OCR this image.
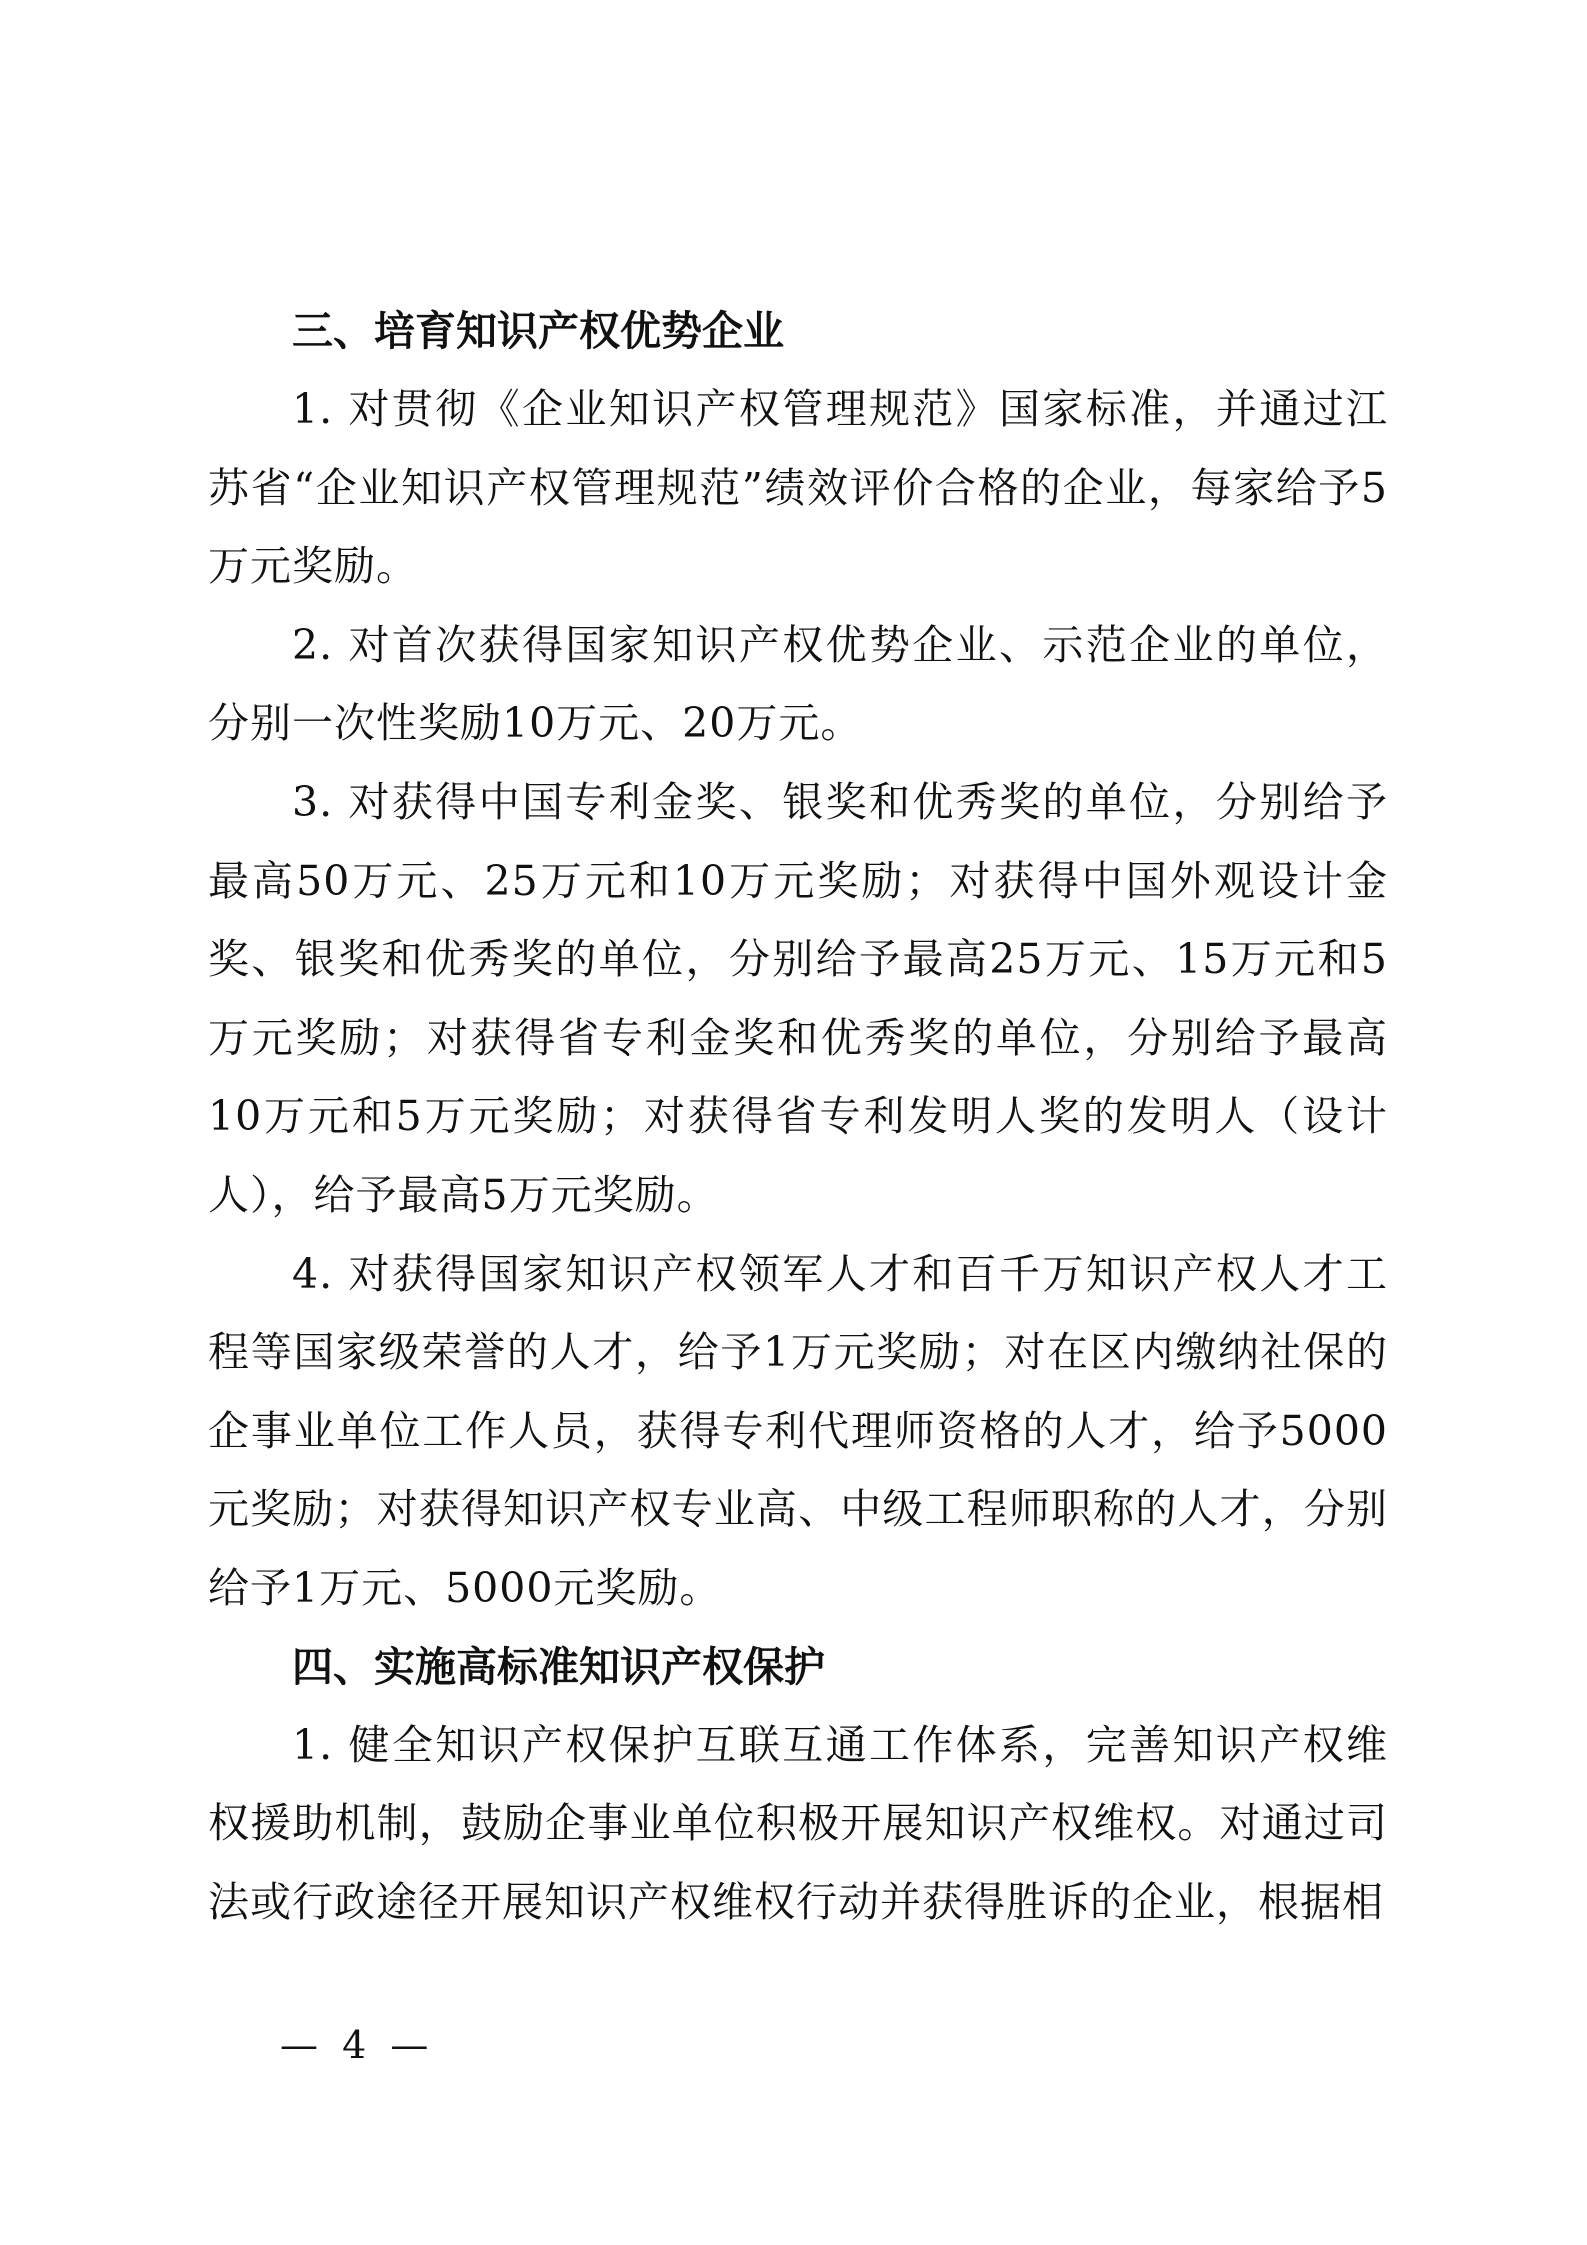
三、培育知识产权优势企业

1. 对贯彻《企业知识产权管理规范》国家标准，并通过江苏省“企业知识产权管理规范”绩效评价合格的企业，每家给予5万元奖励。

2. 对首次获得国家知识产权优势企业、示范企业的单位，分别一次性奖励10万元、20万元。

3. 对获得中国专利金奖、银奖和优秀奖的单位，分别给予最高50万元、25万元和10万元奖励；对获得中国外观设计金奖、银奖和优秀奖的单位，分别给予最高25万元、15万元和5万元奖励；对获得省专利金奖和优秀奖的单位，分别给予最高10万元和5万元奖励；对获得省专利发明人奖的发明人（设计人），给予最高5万元奖励。

4. 对获得国家知识产权领军人才和百千万知识产权人才工程等国家级荣誉的人才，给予1万元奖励；对在区内缴纳社保的企事业单位工作人员，获得专利代理师资格的人才，给予5000元奖励；对获得知识产权专业高、中级工程师职称的人才，分别给予1万元、5000元奖励。

四、实施高标准知识产权保护

1. 健全知识产权保护互联互通工作体系，完善知识产权维权援助机制，鼓励企事业单位积极开展知识产权维权。对通过司法或行政途径开展知识产权维权行动并获得胜诉的企业，根据相

— 4 —
